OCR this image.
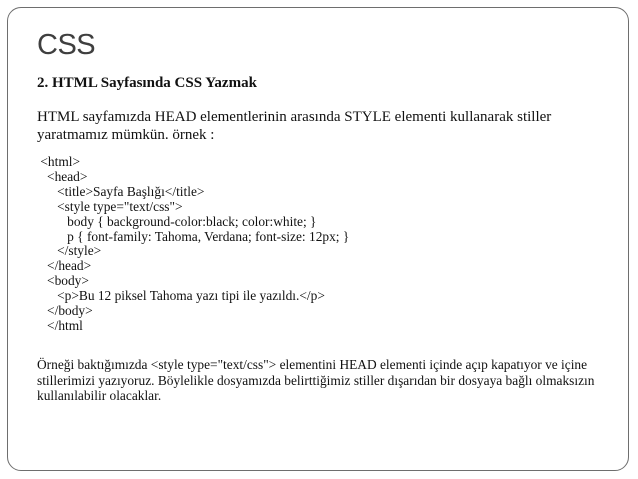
CSS
2. HTML Sayfasında CSS Yazmak
HTML sayfamızda HEAD elementlerinin arasında STYLE elementi kullanarak stiller yaratmamız mümkün. örnek :
<html>
<head>
<title>Sayfa Başlığı</title>
<style type="text/css">
body { background-color:black; color:white; }
p { font-family: Tahoma, Verdana; font-size: 12px; }
</style>
</head>
<body>
<p>Bu 12 piksel Tahoma yazı tipi ile yazıldı.</p>
</body>
</html
Örneği baktığımızda <style type="text/css"> elementini HEAD elementi içinde açıp kapatıyor ve içine stillerimizi yazıyoruz. Böylelikle dosyamızda belirttiğimiz stiller dışarıdan bir dosyaya bağlı olmaksızın kullanılabilir olacaklar.
